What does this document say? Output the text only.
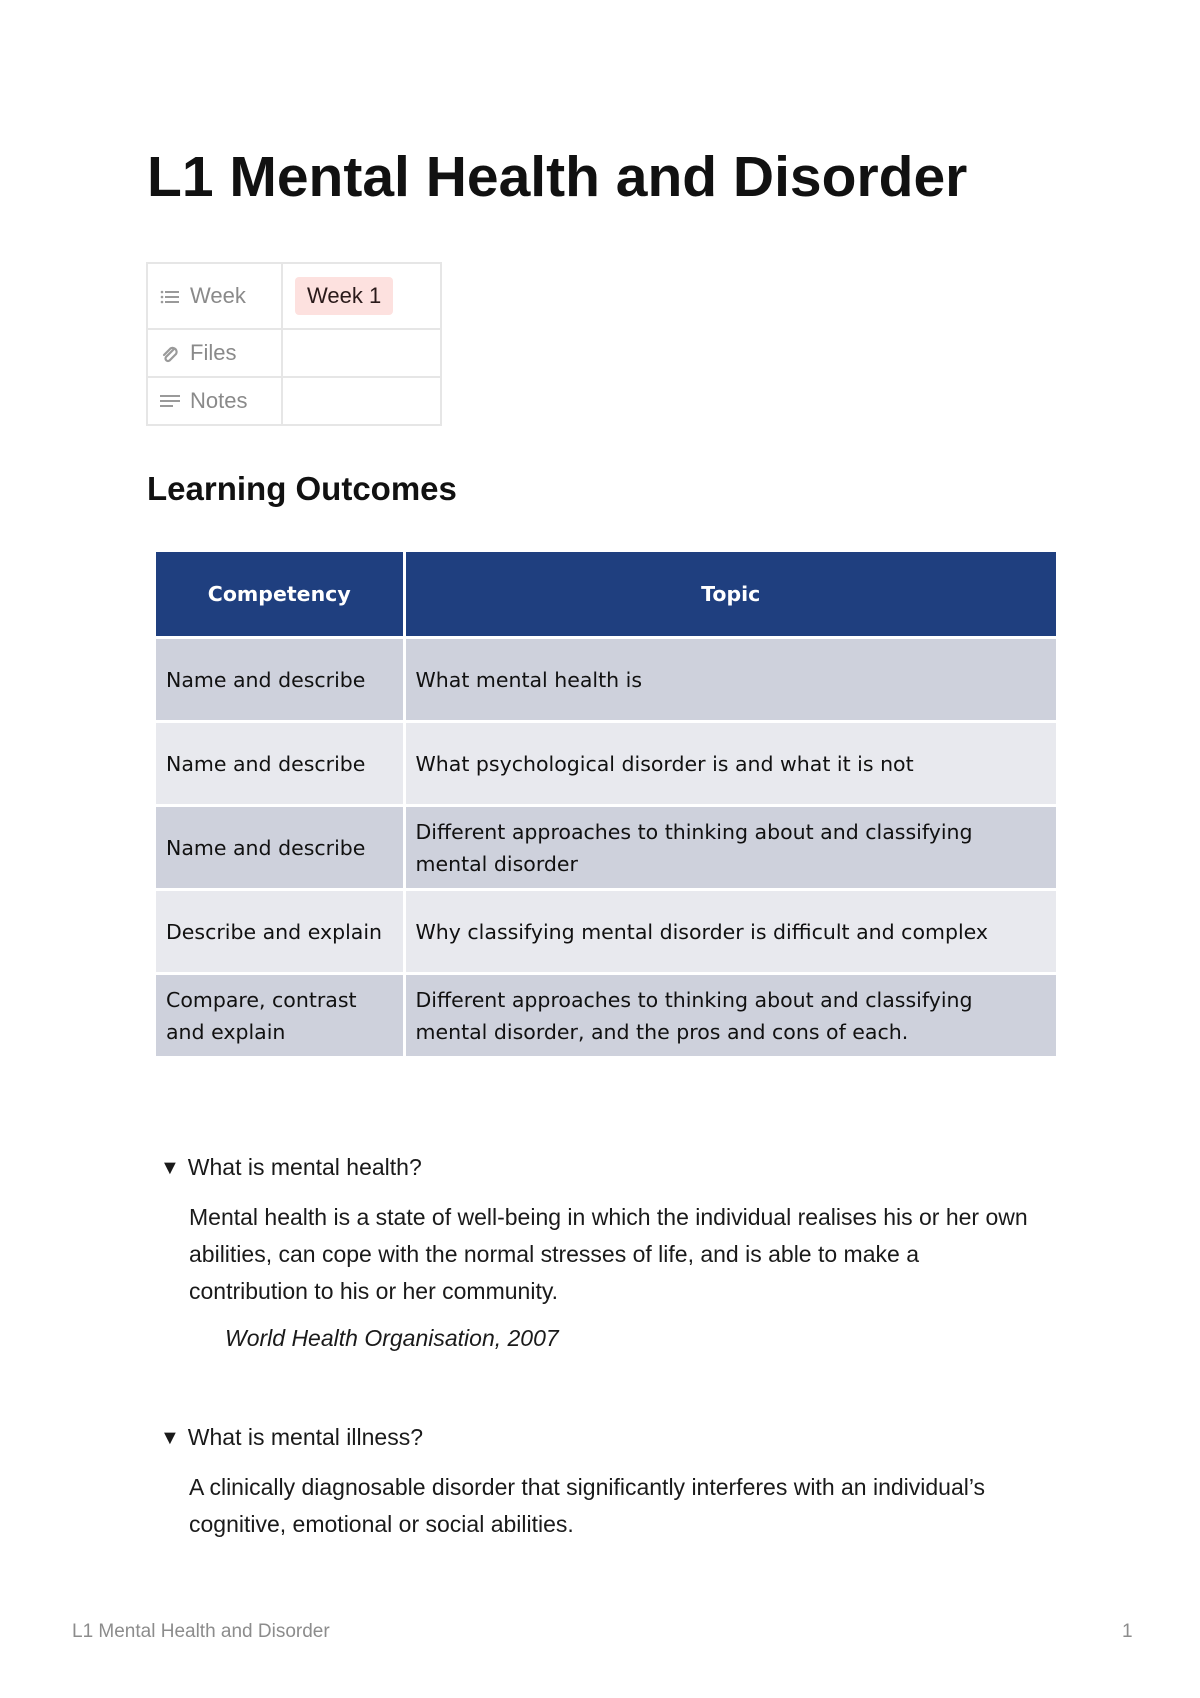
L1 Mental Health and Disorder
Week	Week 1

Files	

Notes	
Learning Outcomes
Competency	Topic
Name and describe	What mental health is
Name and describe	What psychological disorder is and what it is not
Name and describe	Different approaches to thinking about and classifying mental disorder
Describe and explain	Why classifying mental disorder is difficult and complex
Compare, contrast and explain	Different approaches to thinking about and classifying mental disorder, and the pros and cons of each.
▼ What is mental health?
Mental health is a state of well-being in which the individual realises his or her own abilities, can cope with the normal stresses of life, and is able to make a contribution to his or her community.
World Health Organisation, 2007
▼ What is mental illness?
A clinically diagnosable disorder that significantly interferes with an individual’s cognitive, emotional or social abilities.
L1 Mental Health and Disorder	1
